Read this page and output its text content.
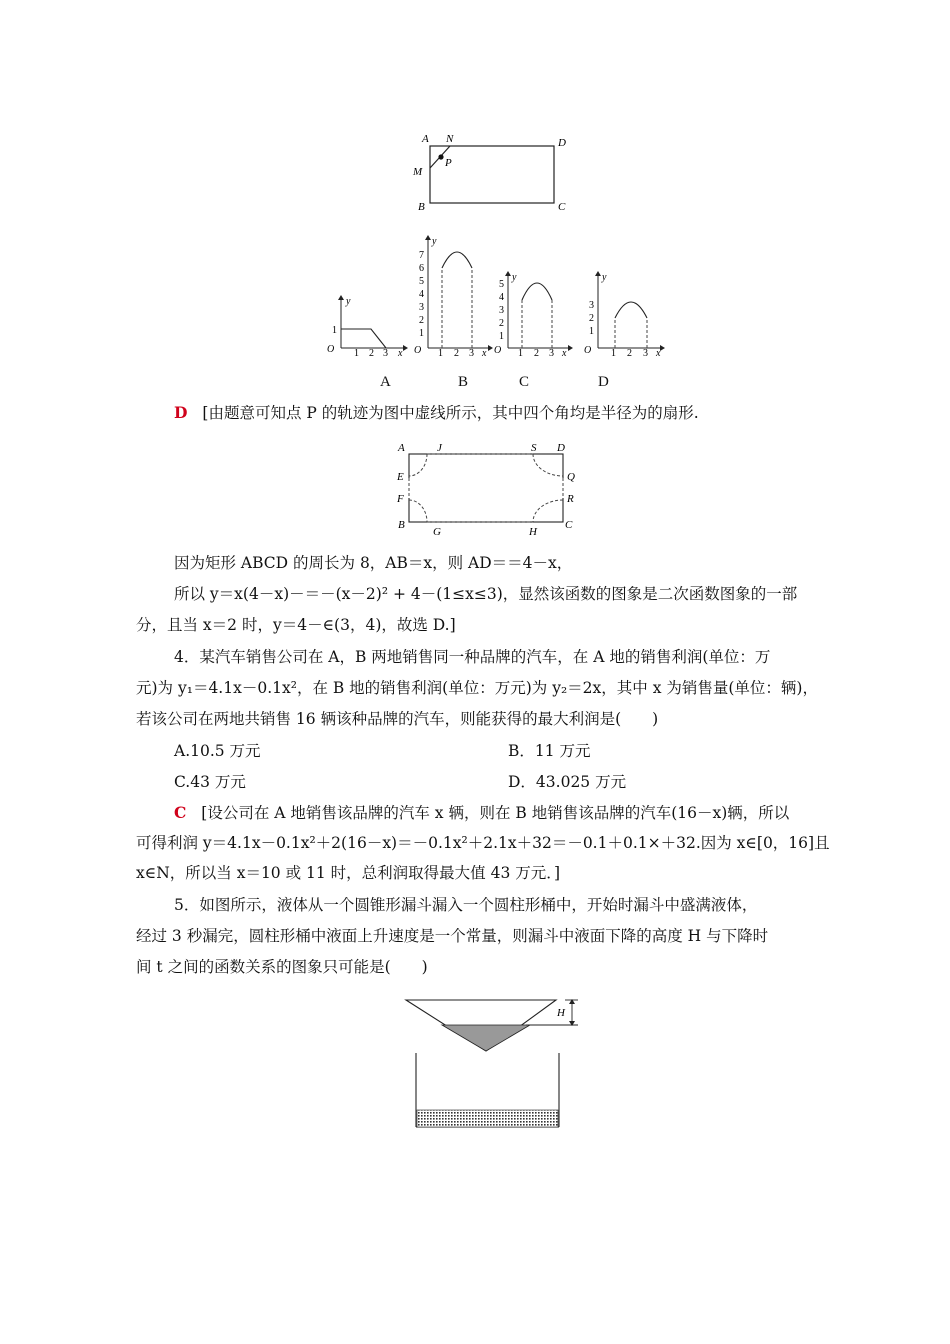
A N	D
M
P
B	C
y
x
O
1
1 2 3
y
x
O
1
2
3
4
5
6
7
1 2 3
y
x
O
1
2
3
4
5
1 2 3
y
x
O
1
2
3
1 2 3
A	B	C	D
D [由题意可知点 P 的轨迹为图中虚线所示，其中四个角均是半径为的扇形.
A	J	S D
E	Q
F	R
B
G	H
C
因为矩形 ABCD 的周长为 8，AB＝x，则 AD＝＝4－x，
所以 y＝x(4－x)－＝－(x－2)² + 4－(1≤x≤3)，显然该函数的图象是二次函数图象的一部
分，且当 x＝2 时，y＝4－∈(3，4)，故选 D.]
4．某汽车销售公司在 A，B 两地销售同一种品牌的汽车，在 A 地的销售利润(单位：万
元)为 y₁＝4.1x－0.1x²，在 B 地的销售利润(单位：万元)为 y₂＝2x，其中 x 为销售量(单位：辆)，
若该公司在两地共销售 16 辆该种品牌的汽车，则能获得的最大利润是(　　)
A.10.5 万元	B．11 万元
C.43 万元	D．43.025 万元
C [设公司在 A 地销售该品牌的汽车 x 辆，则在 B 地销售该品牌的汽车(16－x)辆，所以
可得利润 y＝4.1x－0.1x²＋2(16－x)＝－0.1x²＋2.1x＋32＝－0.1＋0.1×＋32.因为 x∈[0，16]且
x∈N，所以当 x＝10 或 11 时，总利润取得最大值 43 万元．]
5．如图所示，液体从一个圆锥形漏斗漏入一个圆柱形桶中，开始时漏斗中盛满液体，
经过 3 秒漏完，圆柱形桶中液面上升速度是一个常量，则漏斗中液面下降的高度 H 与下降时
间 t 之间的函数关系的图象只可能是(　　)
H
